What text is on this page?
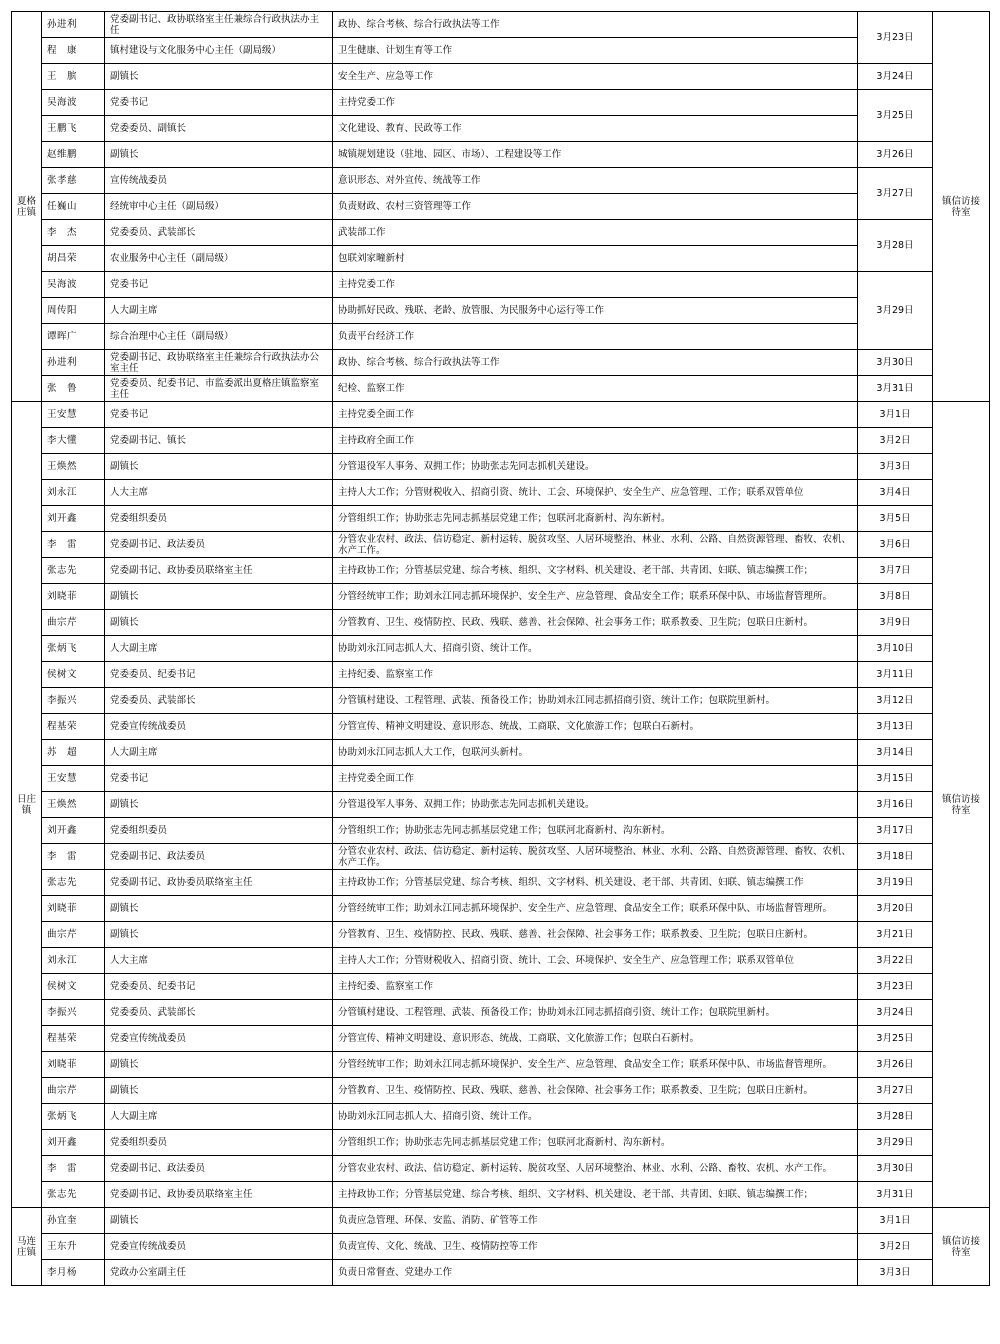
夏格庄镇	孙进利	党委副书记、政协联络室主任兼综合行政执法办主任	政协、综合考核、综合行政执法等工作	3月23日	镇信访接待室
	程　康	镇村建设与文化服务中心主任（副局级）	卫生健康、计划生育等工作		
	王　膑	副镇长	安全生产、应急等工作	3月24日	
	吴海波	党委书记	主持党委工作	3月25日	
	王鹏飞	党委委员、副镇长	文化建设、教育、民政等工作		
	赵维鹏	副镇长	城镇规划建设（驻地、园区、市场）、工程建设等工作	3月26日	
	张孝慈	宣传统战委员	意识形态、对外宣传、统战等工作	3月27日	
	任巍山	经统审中心主任（副局级）	负责财政、农村三资管理等工作		
	李　杰	党委委员、武装部长	武装部工作	3月28日	
	胡昌荣	农业服务中心主任（副局级）	包联刘家疃新村		
	吴海波	党委书记	主持党委工作	3月29日	
	周传阳	人大副主席	协助抓好民政、残联、老龄、放管服、为民服务中心运行等工作		
	谭晖广	综合治理中心主任（副局级）	负责平台经济工作		
	孙进利	党委副书记、政协联络室主任兼综合行政执法办公室主任	政协、综合考核、综合行政执法等工作	3月30日	
	张　鲁	党委委员、纪委书记、市监委派出夏格庄镇监察室主任	纪检、监察工作	3月31日	
日庄镇	王安慧	党委书记	主持党委全面工作	3月1日	镇信访接待室
	李大懂	党委副书记、镇长	主持政府全面工作	3月2日	
	王焕然	副镇长	分管退役军人事务、双拥工作；协助张志先同志抓机关建设。	3月3日	
	刘永江	人大主席	主持人大工作；分管财税收入、招商引资、统计、工会、环境保护、安全生产、应急管理、工作；联系双管单位	3月4日	
	刘开鑫	党委组织委员	分管组织工作；协助张志先同志抓基层党建工作；包联河北裔新村、沟东新村。	3月5日	
	李　雷	党委副书记、政法委员	分管农业农村、政法、信访稳定、新村运转、脱贫攻坚、人居环境整治、林业、水利、公路、自然资源管理、畜牧、农机、水产工作。	3月6日	
	张志先	党委副书记、政协委员联络室主任	主持政协工作；分管基层党建、综合考核、组织、文字材料、机关建设、老干部、共青团、妇联、镇志编撰工作；	3月7日	
	刘晓菲	副镇长	分管经统审工作；助刘永江同志抓环境保护、安全生产、应急管理、食品安全工作；联系环保中队、市场监督管理所。	3月8日	
	曲宗芹	副镇长	分管教育、卫生、疫情防控、民政、残联、慈善、社会保障、社会事务工作；联系教委、卫生院；包联日庄新村。	3月9日	
	张炳飞	人大副主席	协助刘永江同志抓人大、招商引资、统计工作。	3月10日	
	侯树文	党委委员、纪委书记	主持纪委、监察室工作	3月11日	
	李振兴	党委委员、武装部长	分管镇村建设、工程管理、武装、预备役工作；协助刘永江同志抓招商引资、统计工作；包联院里新村。	3月12日	
	程基荣	党委宣传统战委员	分管宣传、精神文明建设、意识形态、统战、工商联、文化旅游工作；包联白石新村。	3月13日	
	苏　超	人大副主席	协助刘永江同志抓人大工作，包联河头新村。	3月14日	
	王安慧	党委书记	主持党委全面工作	3月15日	
	王焕然	副镇长	分管退役军人事务、双拥工作；协助张志先同志抓机关建设。	3月16日	
	刘开鑫	党委组织委员	分管组织工作；协助张志先同志抓基层党建工作；包联河北裔新村、沟东新村。	3月17日	
	李　雷	党委副书记、政法委员	分管农业农村、政法、信访稳定、新村运转、脱贫攻坚、人居环境整治、林业、水利、公路、自然资源管理、畜牧、农机、水产工作。	3月18日	
	张志先	党委副书记、政协委员联络室主任	主持政协工作；分管基层党建、综合考核、组织、文字材料、机关建设、老干部、共青团、妇联、镇志编撰工作	3月19日	
	刘晓菲	副镇长	分管经统审工作；助刘永江同志抓环境保护、安全生产、应急管理、食品安全工作；联系环保中队、市场监督管理所。	3月20日	
	曲宗芹	副镇长	分管教育、卫生、疫情防控、民政、残联、慈善、社会保障、社会事务工作；联系教委、卫生院；包联日庄新村。	3月21日	
	刘永江	人大主席	主持人大工作；分管财税收入、招商引资、统计、工会、环境保护、安全生产、应急管理工作；联系双管单位	3月22日	
	侯树文	党委委员、纪委书记	主持纪委、监察室工作	3月23日	
	李振兴	党委委员、武装部长	分管镇村建设、工程管理、武装、预备役工作；协助刘永江同志抓招商引资、统计工作；包联院里新村。	3月24日	
	程基荣	党委宣传统战委员	分管宣传、精神文明建设、意识形态、统战、工商联、文化旅游工作；包联白石新村。	3月25日	
	刘晓菲	副镇长	分管经统审工作；助刘永江同志抓环境保护、安全生产、应急管理、食品安全工作；联系环保中队、市场监督管理所。	3月26日	
	曲宗芹	副镇长	分管教育、卫生、疫情防控、民政、残联、慈善、社会保障、社会事务工作；联系教委、卫生院；包联日庄新村。	3月27日	
	张炳飞	人大副主席	协助刘永江同志抓人大、招商引资、统计工作。	3月28日	
	刘开鑫	党委组织委员	分管组织工作；协助张志先同志抓基层党建工作；包联河北裔新村、沟东新村。	3月29日	
	李　雷	党委副书记、政法委员	分管农业农村、政法、信访稳定、新村运转、脱贫攻坚、人居环境整治、林业、水利、公路、畜牧、农机、水产工作。	3月30日	
	张志先	党委副书记、政协委员联络室主任	主持政协工作；分管基层党建、综合考核、组织、文字材料、机关建设、老干部、共青团、妇联、镇志编撰工作；	3月31日	
马连庄镇	孙宜奎	副镇长	负责应急管理、环保、安监、消防、矿管等工作	3月1日	镇信访接待室
	王东升	党委宣传统战委员	负责宣传、文化、统战、卫生、疫情防控等工作	3月2日	
	李月杨	党政办公室副主任	负责日常督查、党建办工作	3月3日	
